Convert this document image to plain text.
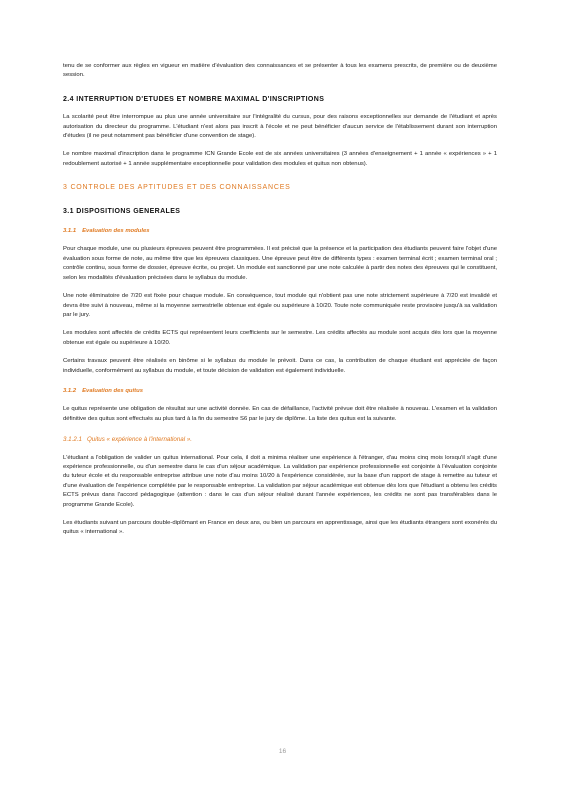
tenu de se conformer aux règles en vigueur en matière d'évaluation des connaissances et se présenter à tous les examens prescrits, de première ou de deuxième session.

2.4 INTERRUPTION D'ETUDES ET NOMBRE MAXIMAL D'INSCRIPTIONS

La scolarité peut être interrompue au plus une année universitaire sur l'intégralité du cursus, pour des raisons exceptionnelles sur demande de l'étudiant et après autorisation du directeur du programme. L'étudiant n'est alors pas inscrit à l'école et ne peut bénéficier d'aucun service de l'établissement durant son interruption d'études (il ne peut notamment pas bénéficier d'une convention de stage).

Le nombre maximal d'inscription dans le programme ICN Grande Ecole est de six années universitaires (3 années d'enseignement + 1 année « expériences » + 1 redoublement autorisé + 1 année supplémentaire exceptionnelle pour validation des modules et quitus non obtenus).

3 CONTROLE DES APTITUDES ET DES CONNAISSANCES

3.1 DISPOSITIONS GENERALES

3.1.1 Evaluation des modules

Pour chaque module, une ou plusieurs épreuves peuvent être programmées. Il est précisé que la présence et la participation des étudiants peuvent faire l'objet d'une évaluation sous forme de note, au même titre que les épreuves classiques. Une épreuve peut être de différents types : examen terminal écrit ; examen terminal oral ; contrôle continu, sous forme de dossier, épreuve écrite, ou projet. Un module est sanctionné par une note calculée à partir des notes des épreuves qui le constituent, selon les modalités d'évaluation précisées dans le syllabus du module.

Une note éliminatoire de 7/20 est fixée pour chaque module. En conséquence, tout module qui n'obtient pas une note strictement supérieure à 7/20 est invalidé et devra être suivi à nouveau, même si la moyenne semestrielle obtenue est égale ou supérieure à 10/20. Toute note communiquée reste provisoire jusqu'à sa validation par le jury.

Les modules sont affectés de crédits ECTS qui représentent leurs coefficients sur le semestre. Les crédits affectés au module sont acquis dès lors que la moyenne obtenue est égale ou supérieure à 10/20.

Certains travaux peuvent être réalisés en binôme si le syllabus du module le prévoit. Dans ce cas, la contribution de chaque étudiant est appréciée de façon individuelle, conformément au syllabus du module, et toute décision de validation est également individuelle.

3.1.2 Evaluation des quitus

Le quitus représente une obligation de résultat sur une activité donnée. En cas de défaillance, l'activité prévue doit être réalisée à nouveau. L'examen et la validation définitive des quitus sont effectués au plus tard à la fin du semestre S6 par le jury de diplôme. La liste des quitus est la suivante.

3.1.2.1 Quitus « expérience à l'international ».

L'étudiant a l'obligation de valider un quitus international. Pour cela, il doit a minima réaliser une expérience à l'étranger, d'au moins cinq mois lorsqu'il s'agit d'une expérience professionnelle, ou d'un semestre dans le cas d'un séjour académique. La validation par expérience professionnelle est conjointe à l'évaluation conjointe du tuteur école et du responsable entreprise attribue une note d'au moins 10/20 à l'expérience considérée, sur la base d'un rapport de stage à remettre au tuteur et d'une évaluation de l'expérience complétée par le responsable entreprise. La validation par séjour académique est obtenue dès lors que l'étudiant a obtenu les crédits ECTS prévus dans l'accord pédagogique (attention : dans le cas d'un séjour réalisé durant l'année expériences, les crédits ne sont pas transférables dans le programme Grande Ecole).

Les étudiants suivant un parcours double-diplômant en France en deux ans, ou bien un parcours en apprentissage, ainsi que les étudiants étrangers sont exonérés du quitus « international ».

16
